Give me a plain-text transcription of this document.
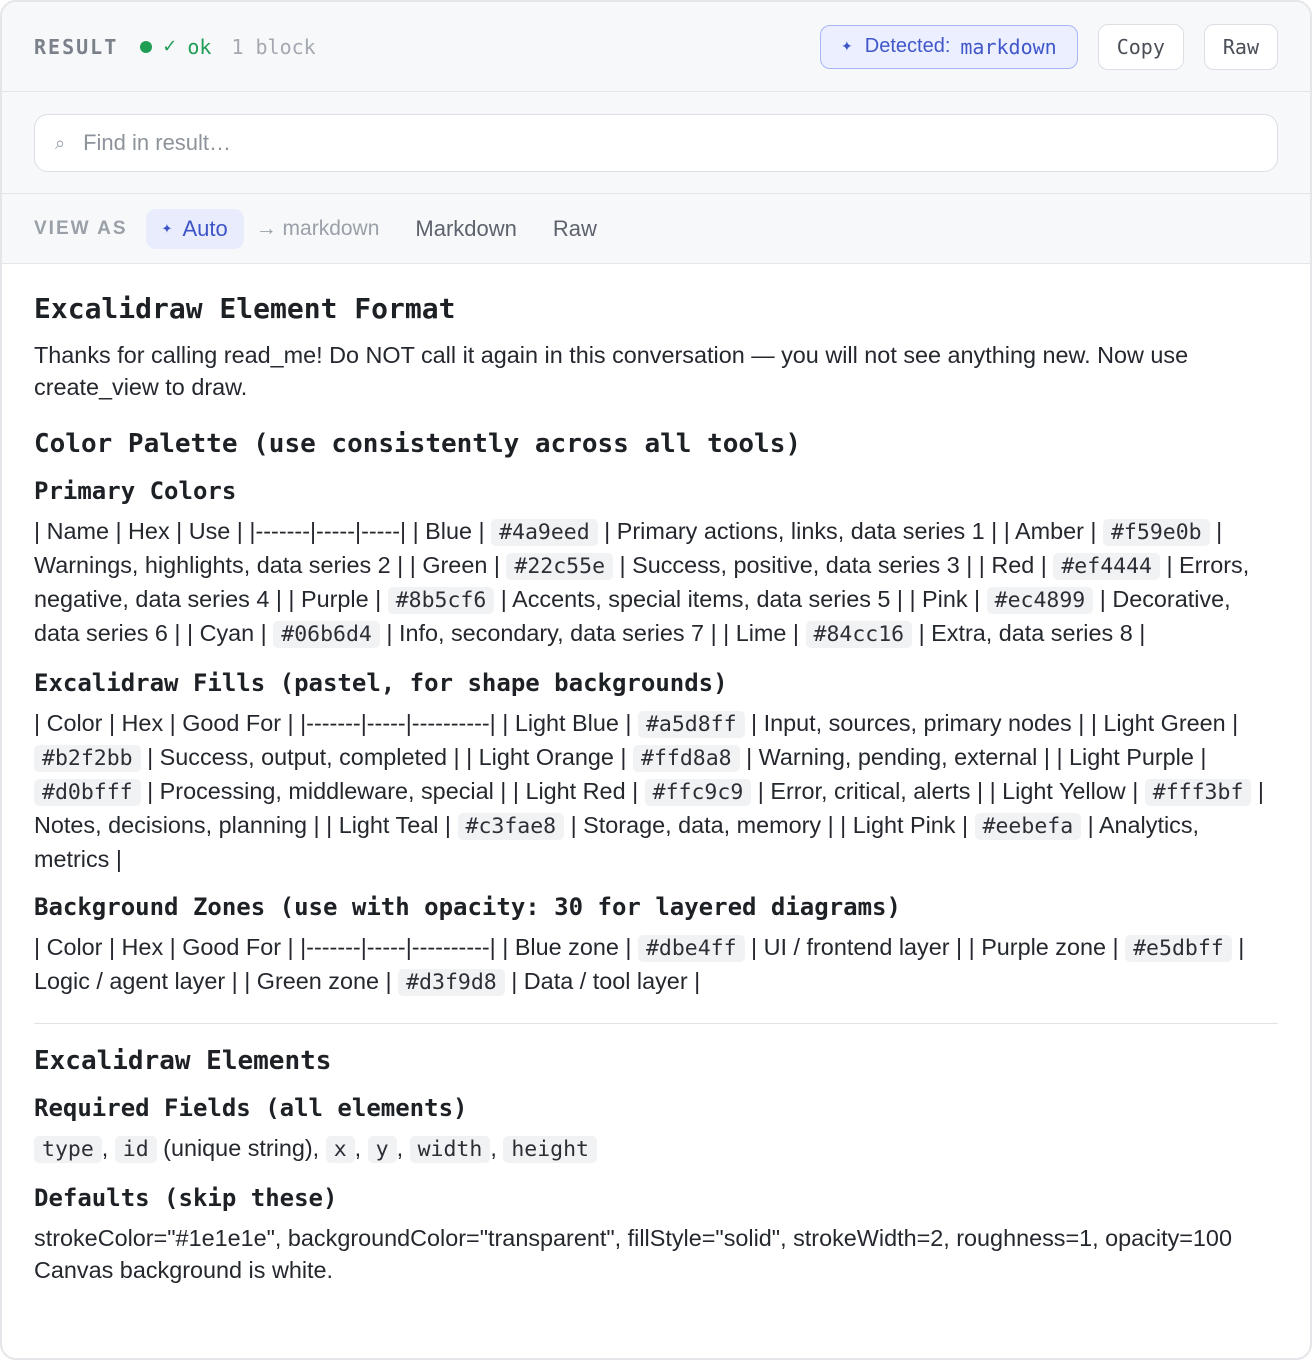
RESULT ✓ ok 1 block	✦ Detected: markdown	Copy	Raw
⌕
Find in result…
VIEW AS	✦ Auto → markdown Markdown Raw
Excalidraw Element Format

Thanks for calling read_me! Do NOT call it again in this conversation — you will not see anything new. Now use create_view to draw.

Color Palette (use consistently across all tools)
Primary Colors

| Name | Hex | Use | |-------|-----|-----| | Blue | #4a9eed | Primary actions, links, data series 1 | | Amber | #f59e0b | Warnings, highlights, data series 2 | | Green | #22c55e | Success, positive, data series 3 | | Red | #ef4444 | Errors, negative, data series 4 | | Purple | #8b5cf6 | Accents, special items, data series 5 | | Pink | #ec4899 | Decorative, data series 6 | | Cyan | #06b6d4 | Info, secondary, data series 7 | | Lime | #84cc16 | Extra, data series 8 |

Excalidraw Fills (pastel, for shape backgrounds)

| Color | Hex | Good For | |-------|-----|----------| | Light Blue | #a5d8ff | Input, sources, primary nodes | | Light Green | #b2f2bb | Success, output, completed | | Light Orange | #ffd8a8 | Warning, pending, external | | Light Purple | #d0bfff | Processing, middleware, special | | Light Red | #ffc9c9 | Error, critical, alerts | | Light Yellow | #fff3bf | Notes, decisions, planning | | Light Teal | #c3fae8 | Storage, data, memory | | Light Pink | #eebefa | Analytics, metrics |

Background Zones (use with opacity: 30 for layered diagrams)

| Color | Hex | Good For | |-------|-----|----------| | Blue zone | #dbe4ff | UI / frontend layer | | Purple zone | #e5dbff | Logic / agent layer | | Green zone | #d3f9d8 | Data / tool layer |

Excalidraw Elements
Required Fields (all elements)

type , id (unique string), x , y , width , height

Defaults (skip these)

strokeColor="#1e1e1e", backgroundColor="transparent", fillStyle="solid", strokeWidth=2, roughness=1, opacity=100 Canvas background is white.
